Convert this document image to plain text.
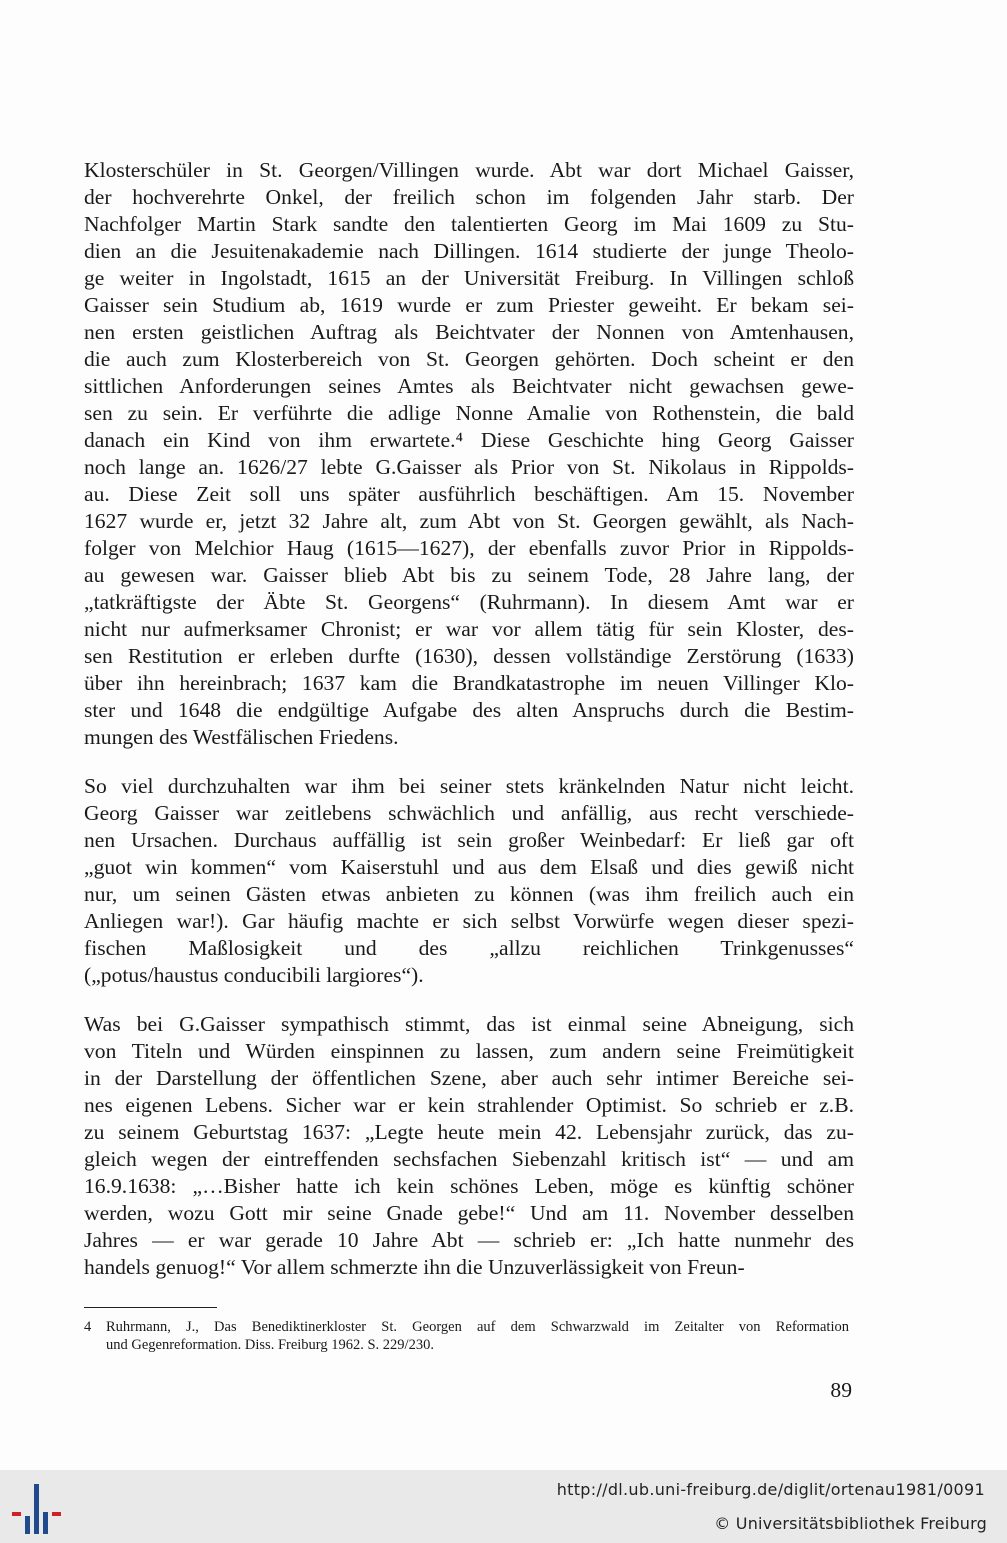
Klosterschüler in St. Georgen/Villingen wurde. Abt war dort Michael Gaisser,
der hochverehrte Onkel, der freilich schon im folgenden Jahr starb. Der
Nachfolger Martin Stark sandte den talentierten Georg im Mai 1609 zu Stu-
dien an die Jesuitenakademie nach Dillingen. 1614 studierte der junge Theolo-
ge weiter in Ingolstadt, 1615 an der Universität Freiburg. In Villingen schloß
Gaisser sein Studium ab, 1619 wurde er zum Priester geweiht. Er bekam sei-
nen ersten geistlichen Auftrag als Beichtvater der Nonnen von Amtenhausen,
die auch zum Klosterbereich von St. Georgen gehörten. Doch scheint er den
sittlichen Anforderungen seines Amtes als Beichtvater nicht gewachsen gewe-
sen zu sein. Er verführte die adlige Nonne Amalie von Rothenstein, die bald
danach ein Kind von ihm erwartete.⁴ Diese Geschichte hing Georg Gaisser
noch lange an. 1626/27 lebte G.Gaisser als Prior von St. Nikolaus in Rippolds-
au. Diese Zeit soll uns später ausführlich beschäftigen. Am 15. November
1627 wurde er, jetzt 32 Jahre alt, zum Abt von St. Georgen gewählt, als Nach-
folger von Melchior Haug (1615—1627), der ebenfalls zuvor Prior in Rippolds-
au gewesen war. Gaisser blieb Abt bis zu seinem Tode, 28 Jahre lang, der
„tatkräftigste der Äbte St. Georgens“ (Ruhrmann). In diesem Amt war er
nicht nur aufmerksamer Chronist; er war vor allem tätig für sein Kloster, des-
sen Restitution er erleben durfte (1630), dessen vollständige Zerstörung (1633)
über ihn hereinbrach; 1637 kam die Brandkatastrophe im neuen Villinger Klo-
ster und 1648 die endgültige Aufgabe des alten Anspruchs durch die Bestim-
mungen des Westfälischen Friedens.
So viel durchzuhalten war ihm bei seiner stets kränkelnden Natur nicht leicht.
Georg Gaisser war zeitlebens schwächlich und anfällig, aus recht verschiede-
nen Ursachen. Durchaus auffällig ist sein großer Weinbedarf: Er ließ gar oft
„guot win kommen“ vom Kaiserstuhl und aus dem Elsaß und dies gewiß nicht
nur, um seinen Gästen etwas anbieten zu können (was ihm freilich auch ein
Anliegen war!). Gar häufig machte er sich selbst Vorwürfe wegen dieser spezi-
fischen Maßlosigkeit und des „allzu reichlichen Trinkgenusses“
(„potus/haustus conducibili largiores“).
Was bei G.Gaisser sympathisch stimmt, das ist einmal seine Abneigung, sich
von Titeln und Würden einspinnen zu lassen, zum andern seine Freimütigkeit
in der Darstellung der öffentlichen Szene, aber auch sehr intimer Bereiche sei-
nes eigenen Lebens. Sicher war er kein strahlender Optimist. So schrieb er z.B.
zu seinem Geburtstag 1637: „Legte heute mein 42. Lebensjahr zurück, das zu-
gleich wegen der eintreffenden sechsfachen Siebenzahl kritisch ist“ — und am
16.9.1638: „…Bisher hatte ich kein schönes Leben, möge es künftig schöner
werden, wozu Gott mir seine Gnade gebe!“ Und am 11. November desselben
Jahres — er war gerade 10 Jahre Abt — schrieb er: „Ich hatte nunmehr des
handels genuog!“ Vor allem schmerzte ihn die Unzuverlässigkeit von Freun-
4 Ruhrmann, J., Das Benediktinerkloster St. Georgen auf dem Schwarzwald im Zeitalter von Reformation
und Gegenreformation. Diss. Freiburg 1962. S. 229/230.
89
http://dl.ub.uni-freiburg.de/diglit/ortenau1981/0091
© Universitätsbibliothek Freiburg
